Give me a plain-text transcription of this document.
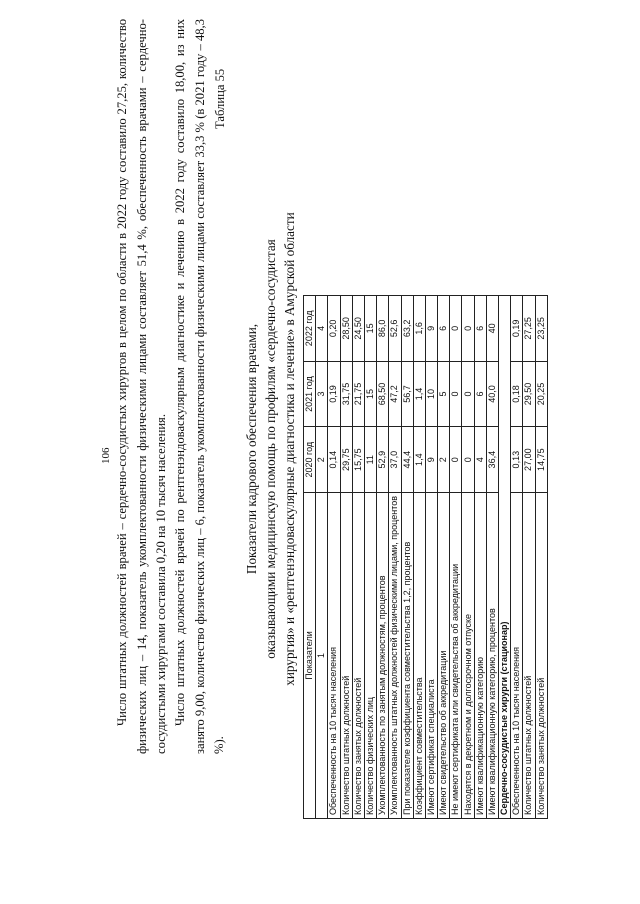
106 Число штатных должностей врачей – сердечно-сосудистых хирургов в целом по области в 2022 году составило 27,25, количество физических лиц – 14, показатель укомплектованности физическими лицами составляет 51,4 %, обеспеченность врачами – сердечно-сосудистыми хирургами составила 0,20 на 10 тысяч населения. Число штатных должностей врачей по рентгенэндоваскулярным диагностике и лечению в 2022 году составило 18,00, из них занято 9,00, количество физических лиц – 6, показатель укомплектованности физическими лицами составляет 33,3 % (в 2021 году – 48,3 %).
Таблица 55
Показатели кадрового обеспечения врачами, оказывающими медицинскую помощь по профилям «сердечно-сосудистая хирургия» и «рентгенэндоваскулярные диагностика и лечение» в Амурской области Показатели	2020 год	2021 год	2022 год
1	2	3	4
Обеспеченность на 10 тысяч населения	0,14	0,19	0,20
Количество штатных должностей	29,75	31,75	28,50
Количество занятых должностей	15,75	21,75	24,50
Количество физических лиц	11	15	15
Укомплектованность по занятым должностям, процентов	52,9	68,50	86,0
Укомплектованность штатных должностей физическими лицами, процентов	37,0	47,2	52,6
При показателе коэффициента совместительства 1,2, процентов	44,4	56,7	63,2
Коэффициент совместительства	1,4	1,4	1,6
Имеют сертификат специалиста	9	10	9
Имеют свидетельство об аккредитации	2	5	6
Не имеют сертификата или свидетельства об аккредитации	0	0	0
Находятся в декретном и долгосрочном отпуске	0	0	0
Имеют квалификационную категорию	4	6	6
Имеют квалификационную категорию, процентов	36,4	40,0	40
Сердечно-сосудистые хирурги (стационар)			
Обеспеченность на 10 тысяч населения	0,13	0,18	0,19
Количество штатных должностей	27,00	29,50	27,25
Количество занятых должностей	14,75	20,25	23,25
